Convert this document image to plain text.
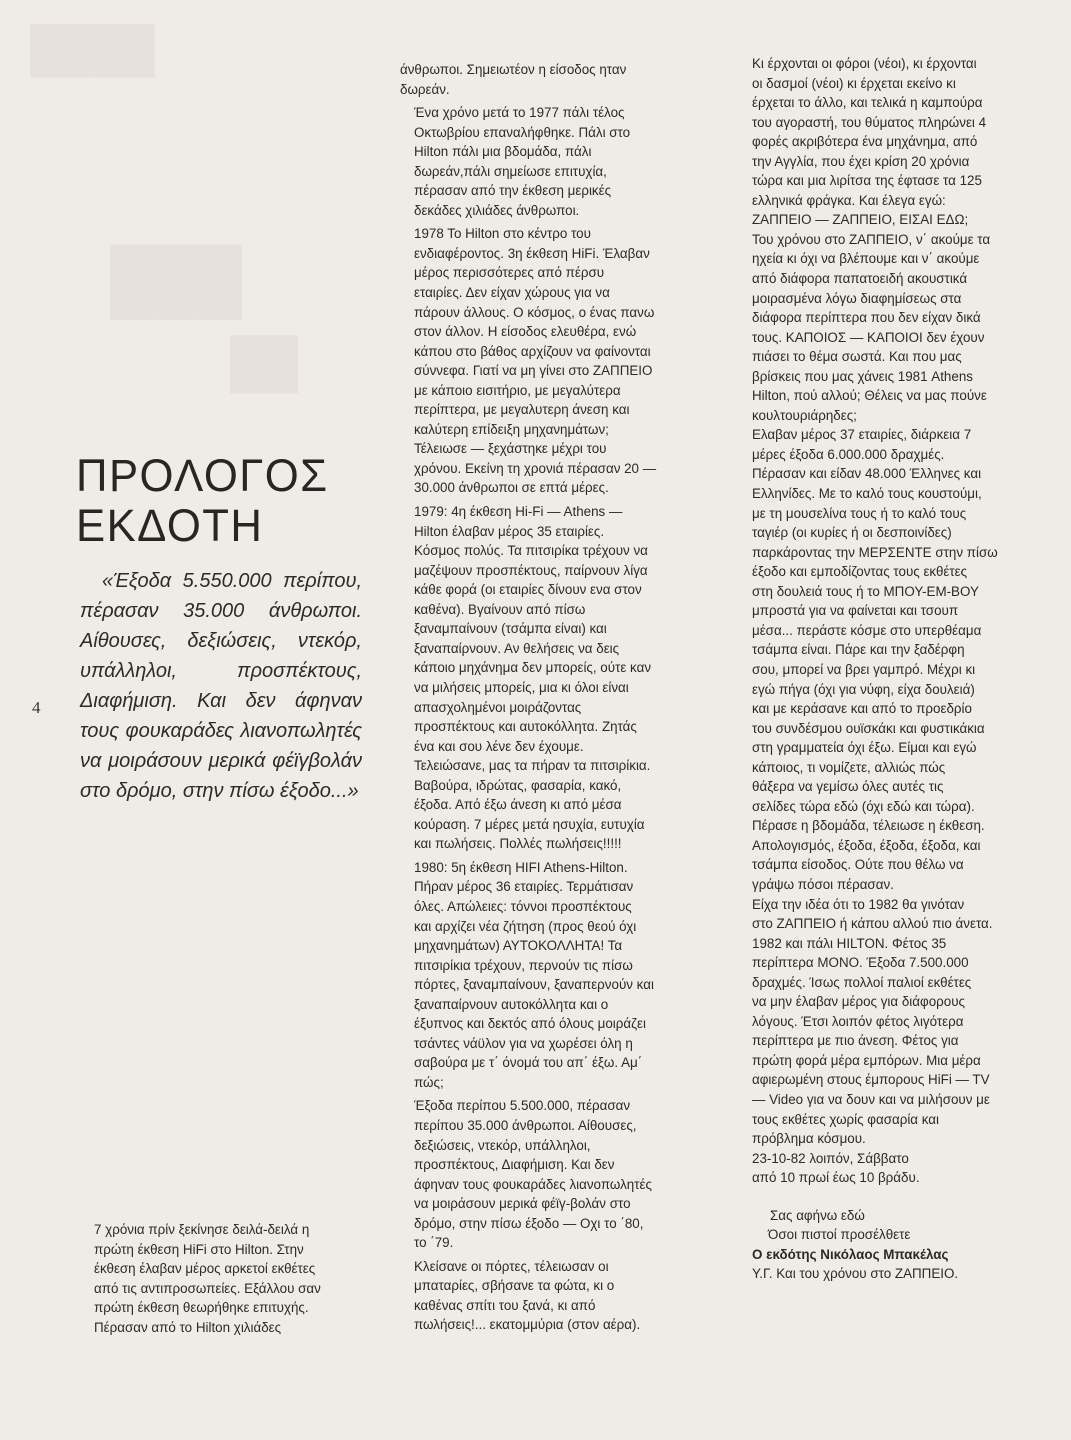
████
███
██
4
ΠΡΟΛΟΓΟΣ
ΕΚΔΟΤΗ

«Έξοδα 5.550.000 περίπου, πέρασαν 35.000 άνθρωποι. Αίθουσες, δεξιώσεις, ντεκόρ, υπάλληλοι, προσπέκτους, Διαφήμιση. Και δεν άφηναν τους φουκαράδες λιανοπωλητές να μοιράσουν μερικά φέϊγβολάν στο δρόμο, στην πίσω έξοδο...»

7 χρόνια πρίν ξεκίνησε δειλά-δειλά η
πρώτη έκθεση HiFi στο Hilton. Στην
έκθεση έλαβαν μέρος αρκετοί εκθέτες
από τις αντιπροσωπείες. Εξάλλου σαν
πρώτη έκθεση θεωρήθηκε επιτυχής.
Πέρασαν από το Hilton χιλιάδες

άνθρωποι. Σημειωτέον η είσοδος ηταν
δωρεάν.

Ένα χρόνο μετά το 1977 πάλι τέλος
Οκτωβρίου επαναλήφθηκε. Πάλι στο
Hilton πάλι μια βδομάδα, πάλι
δωρεάν,πάλι σημείωσε επιτυχία,
πέρασαν από την έκθεση μερικές
δεκάδες χιλιάδες άνθρωποι.

1978 Το Hilton στο κέντρο του
ενδιαφέροντος. 3η έκθεση HiFi. Έλαβαν
μέρος περισσότερες από πέρσυ
εταιρίες. Δεν είχαν χώρους για να
πάρουν άλλους. Ο κόσμος, ο ένας πανω
στον άλλον. Η είσοδος ελευθέρα, ενώ
κάπου στο βάθος αρχίζουν να φαίνονται
σύννεφα. Γιατί να μη γίνει στο ΖΑΠΠΕΙΟ
με κάποιο εισιτήριο, με μεγαλύτερα
περίπτερα, με μεγαλυτερη άνεση και
καλύτερη επίδειξη μηχανημάτων;
Τέλειωσε — ξεχάστηκε μέχρι του
χρόνου. Εκείνη τη χρονιά πέρασαν 20 —
30.000 άνθρωποι σε επτά μέρες.

1979: 4η έκθεση Hi-Fi — Athens —
Hilton έλαβαν μέρος 35 εταιρίες.
Κόσμος πολύς. Τα πιτσιρίκα τρέχουν να
μαζέψουν προσπέκτους, παίρνουν λίγα
κάθε φορά (οι εταιρίες δίνουν ενα στον
καθένα). Βγαίνουν από πίσω
ξαναμπαίνουν (τσάμπα είναι) και
ξαναπαίρνουν. Αν θελήσεις να δεις
κάποιο μηχάνημα δεν μπορείς, ούτε καν
να μιλήσεις μπορείς, μια κι όλοι είναι
απασχολημένοι μοιράζοντας
προσπέκτους και αυτοκόλλητα. Ζητάς
ένα και σου λένε δεν έχουμε.
Τελειώσανε, μας τα πήραν τα πιτσιρίκια.
Βαβούρα, ιδρώτας, φασαρία, κακό,
έξοδα. Από έξω άνεση κι από μέσα
κούραση. 7 μέρες μετά ησυχία, ευτυχία
και πωλήσεις. Πολλές πωλήσεις!!!!!

1980: 5η έκθεση HIFI Athens-Hilton.
Πήραν μέρος 36 εταιρίες. Τερμάτισαν
όλες. Απώλειες: τόννοι προσπέκτους
και αρχίζει νέα ζήτηση (προς θεού όχι
μηχανημάτων) ΑΥΤΟΚΟΛΛΗΤΑ! Τα
πιτσιρίκια τρέχουν, περνούν τις πίσω
πόρτες, ξαναμπαίνουν, ξαναπερνούν και
ξαναπαίρνουν αυτοκόλλητα και ο
έξυπνος και δεκτός από όλους μοιράζει
τσάντες νάϋλον για να χωρέσει όλη η
σαβούρα με τ΄ όνομά του απ΄ έξω. Αμ΄
πώς;

Έξοδα περίπου 5.500.000, πέρασαν
περίπου 35.000 άνθρωποι. Αίθουσες,
δεξιώσεις, ντεκόρ, υπάλληλοι,
προσπέκτους, Διαφήμιση. Και δεν
άφηναν τους φουκαράδες λιανοπωλητές
να μοιράσουν μερικά φέϊγ-βολάν στο
δρόμο, στην πίσω έξοδο — Οχι το ΄80,
το ΄79.

Κλείσανε οι πόρτες, τέλειωσαν οι
μπαταρίες, σβήσανε τα φώτα, κι ο
καθένας σπίτι του ξανά, κι από
πωλήσεις!... εκατομμύρια (στον αέρα).

Κι έρχονται οι φόροι (νέοι), κι έρχονται
οι δασμοί (νέοι) κι έρχεται εκείνο κι
έρχεται το άλλο, και τελικά η καμπούρα
του αγοραστή, του θύματος πληρώνει 4
φορές ακριβότερα ένα μηχάνημα, από
την Αγγλία, που έχει κρίση 20 χρόνια
τώρα και μια λιρίτσα της έφτασε τα 125
ελληνικά φράγκα. Και έλεγα εγώ:
ΖΑΠΠΕΙΟ — ΖΑΠΠΕΙΟ, ΕΙΣΑΙ ΕΔΩ;
Του χρόνου στο ΖΑΠΠΕΙΟ, ν΄ ακούμε τα
ηχεία κι όχι να βλέπουμε και ν΄ ακούμε
από διάφορα παπατοειδή ακουστικά
μοιρασμένα λόγω διαφημίσεως στα
διάφορα περίπτερα που δεν είχαν δικά
τους. ΚΑΠΟΙΟΣ — ΚΑΠΟΙΟΙ δεν έχουν
πιάσει το θέμα σωστά. Και που μας
βρίσκεις που μας χάνεις 1981 Athens
Hilton, πού αλλού; Θέλεις να μας πούνε
κουλτουριάρηδες;
Ελαβαν μέρος 37 εταιρίες, διάρκεια 7
μέρες έξοδα 6.000.000 δραχμές.
Πέρασαν και είδαν 48.000 Έλληνες και
Ελληνίδες. Με το καλό τους κουστούμι,
με τη μουσελίνα τους ή το καλό τους
ταγιέρ (οι κυρίες ή οι δεσποινίδες)
παρκάροντας την ΜΕΡΣΕΝΤΕ στην πίσω
έξοδο και εμποδίζοντας τους εκθέτες
στη δουλειά τους ή το ΜΠΟΥ-ΕΜ-ΒΟΥ
μπροστά για να φαίνεται και τσουπ
μέσα... περάστε κόσμε στο υπερθέαμα
τσάμπα είναι. Πάρε και την ξαδέρφη
σου, μπορεί να βρει γαμπρό. Μέχρι κι
εγώ πήγα (όχι για νύφη, είχα δουλειά)
και με κεράσανε και από το προεδρίο
του συνδέσμου ουϊσκάκι και φυστικάκια
στη γραμματεία όχι έξω. Είμαι και εγώ
κάποιος, τι νομίζετε, αλλιώς πώς
θάξερα να γεμίσω όλες αυτές τις
σελίδες τώρα εδώ (όχι εδώ και τώρα).
Πέρασε η βδομάδα, τέλειωσε η έκθεση.
Απολογισμός, έξοδα, έξοδα, έξοδα, και
τσάμπα είσοδος. Ούτε που θέλω να
γράψω πόσοι πέρασαν.
Είχα την ιδέα ότι το 1982 θα γινόταν
στο ΖΑΠΠΕΙΟ ή κάπου αλλού πιο άνετα.
1982 και πάλι HILTON. Φέτος 35
περίπτερα ΜΟΝΟ. Έξοδα 7.500.000
δραχμές. Ίσως πολλοί παλιοί εκθέτες
να μην έλαβαν μέρος για διάφορους
λόγους. Έτσι λοιπόν φέτος λιγότερα
περίπτερα με πιο άνεση. Φέτος για
πρώτη φορά μέρα εμπόρων. Μια μέρα
αφιερωμένη στους έμπορους HiFi — TV
— Video για να δουν και να μιλήσουν με
τους εκθέτες χωρίς φασαρία και
πρόβλημα κόσμου.
23-10-82 λοιπόν, Σάββατο
από 10 πρωί έως 10 βράδυ.

Σας αφήνω εδώ
Όσοι πιστοί προσέλθετε
Ο εκδότης Νικόλαος Μπακέλας
Υ.Γ. Και του χρόνου στο ΖΑΠΠΕΙΟ.
